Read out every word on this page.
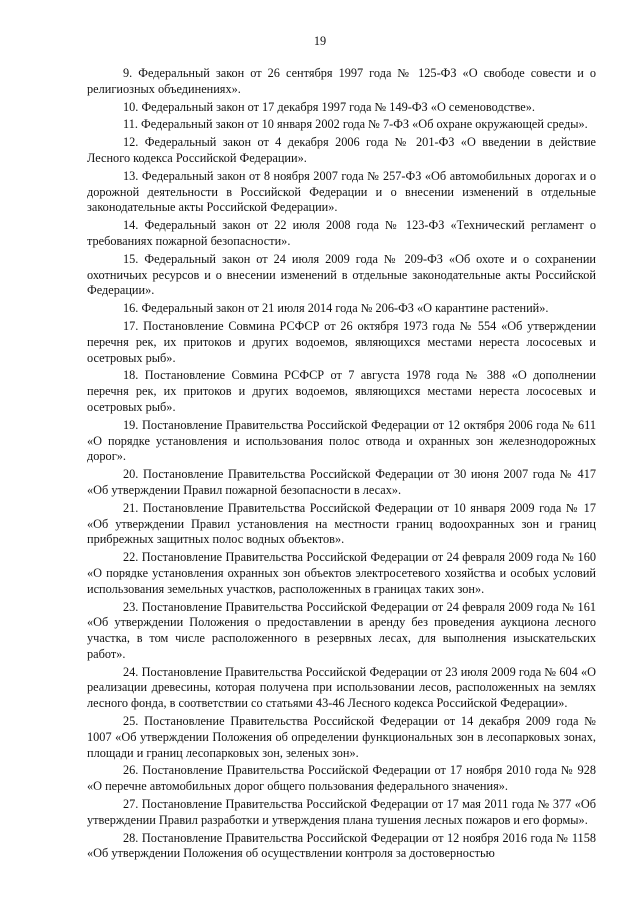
19

9 . Федеральный закон от 26 сентября 1997 года № 125-ФЗ «О свободе совести и о религиозных объединениях».

10 . Федеральный закон от 17 декабря 1997 года № 149-ФЗ «О семеноводстве».

11 . Федеральный закон от 10 января 2002 года № 7-ФЗ «Об охране окружающей среды».

12 . Федеральный закон от 4 декабря 2006 года № 201-ФЗ «О введении в действие Лесного кодекса Российской Федерации».

13 . Федеральный закон от 8 ноября 2007 года № 257-ФЗ «Об автомобильных дорогах и о дорожной деятельности в Российской Федерации и о внесении изменений в отдельные законодательные акты Российской Федерации».

14 . Федеральный закон от 22 июля 2008 года № 123-ФЗ «Технический регламент о требованиях пожарной безопасности».

15 . Федеральный закон от 24 июля 2009 года № 209-ФЗ «Об охоте и о сохранении охотничьих ресурсов и о внесении изменений в отдельные законодательные акты Российской Федерации».

16 . Федеральный закон от 21 июля 2014 года № 206-ФЗ «О карантине растений».

17 . Постановление Совмина РСФСР от 26 октября 1973 года № 554 «Об утверждении перечня рек, их притоков и других водоемов, являющихся местами нереста лососевых и осетровых рыб».

18 . Постановление Совмина РСФСР от 7 августа 1978 года № 388 «О дополнении перечня рек, их притоков и других водоемов, являющихся местами нереста лососевых и осетровых рыб».

19 . Постановление Правительства Российской Федерации от 12 октября 2006 года № 611 «О порядке установления и использования полос отвода и охранных зон железнодорожных дорог».

20 . Постановление Правительства Российской Федерации от 30 июня 2007 года № 417 «Об утверждении Правил пожарной безопасности в лесах».

21 . Постановление Правительства Российской Федерации от 10 января 2009 года № 17 «Об утверждении Правил установления на местности границ водоохранных зон и границ прибрежных защитных полос водных объектов».

22 . Постановление Правительства Российской Федерации от 24 февраля 2009 года № 160 «О порядке установления охранных зон объектов электросетевого хозяйства и особых условий использования земельных участков, расположенных в границах таких зон».

23 . Постановление Правительства Российской Федерации от 24 февраля 2009 года № 161 «Об утверждении Положения о предоставлении в аренду без проведения аукциона лесного участка, в том числе расположенного в резервных лесах, для выполнения изыскательских работ».

24 . Постановление Правительства Российской Федерации от 23 июля 2009 года № 604 «О реализации древесины, которая получена при использовании лесов, расположенных на землях лесного фонда, в соответствии со статьями 43-46 Лесного кодекса Российской Федерации».

25 . Постановление Правительства Российской Федерации от 14 декабря 2009 года № 1007 «Об утверждении Положения об определении функциональных зон в лесопарковых зонах, площади и границ лесопарковых зон, зеленых зон».

26 . Постановление Правительства Российской Федерации от 17 ноября 2010 года № 928 «О перечне автомобильных дорог общего пользования федерального значения».

27 . Постановление Правительства Российской Федерации от 17 мая 2011 года № 377 «Об утверждении Правил разработки и утверждения плана тушения лесных пожаров и его формы».

28 . Постановление Правительства Российской Федерации от 12 ноября 2016 года № 1158 «Об утверждении Положения об осуществлении контроля за достоверностью
